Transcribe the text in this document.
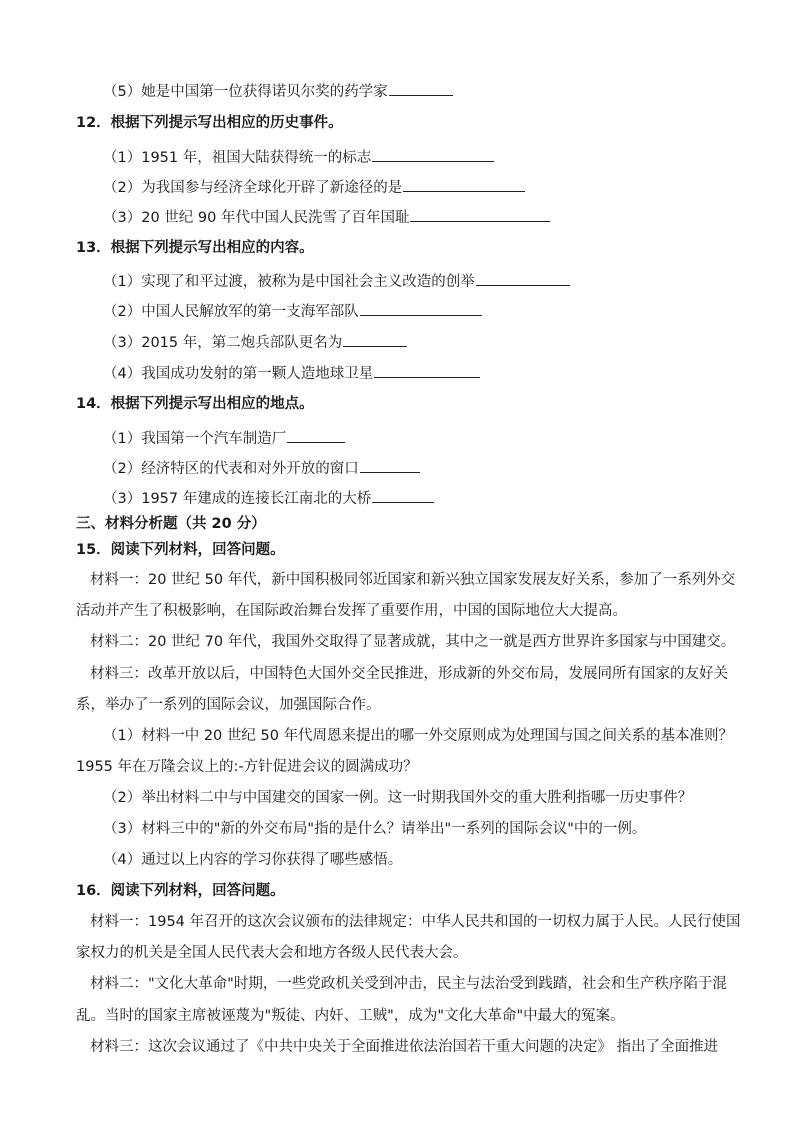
（5）她是中国第一位获得诺贝尔奖的药学家
12．根据下列提示写出相应的历史事件。
（1）1951 年，祖国大陆获得统一的标志
（2）为我国参与经济全球化开辟了新途径的是
（3）20 世纪 90 年代中国人民洗雪了百年国耻
13．根据下列提示写出相应的内容。
（1）实现了和平过渡，被称为是中国社会主义改造的创举
（2）中国人民解放军的第一支海军部队
（3）2015 年，第二炮兵部队更名为
（4）我国成功发射的第一颗人造地球卫星
14．根据下列提示写出相应的地点。
（1）我国第一个汽车制造厂
（2）经济特区的代表和对外开放的窗口
（3）1957 年建成的连接长江南北的大桥
三、材料分析题（共 20 分）
15．阅读下列材料，回答问题。
材料一：20 世纪 50 年代，新中国积极同邻近国家和新兴独立国家发展友好关系，参加了一系列外交
活动并产生了积极影响，在国际政治舞台发挥了重要作用，中国的国际地位大大提高。
材料二：20 世纪 70 年代，我国外交取得了显著成就，其中之一就是西方世界许多国家与中国建交。
材料三：改革开放以后，中国特色大国外交全民推进，形成新的外交布局，发展同所有国家的友好关
系，举办了一系列的国际会议，加强国际合作。
（1）材料一中 20 世纪 50 年代周恩来提出的哪一外交原则成为处理国与国之间关系的基本准则？
1955 年在万隆会议上的:-方针促进会议的圆满成功？
（2）举出材料二中与中国建交的国家一例。这一时期我国外交的重大胜利指哪一历史事件？
（3）材料三中的"新的外交布局"指的是什么？请举出"一系列的国际会议"中的一例。
（4）通过以上内容的学习你获得了哪些感悟。
16．阅读下列材料，回答问题。
材料一：1954 年召开的这次会议颁布的法律规定：中华人民共和国的一切权力属于人民。人民行使国
家权力的机关是全国人民代表大会和地方各级人民代表大会。
材料二："文化大革命"时期，一些党政机关受到冲击，民主与法治受到践踏，社会和生产秩序陷于混
乱。当时的国家主席被诬蔑为"叛徒、内奸、工贼"，成为"文化大革命"中最大的冤案。
材料三：这次会议通过了《中共中央关于全面推进依法治国若干重大问题的决定》 指出了全面推进
